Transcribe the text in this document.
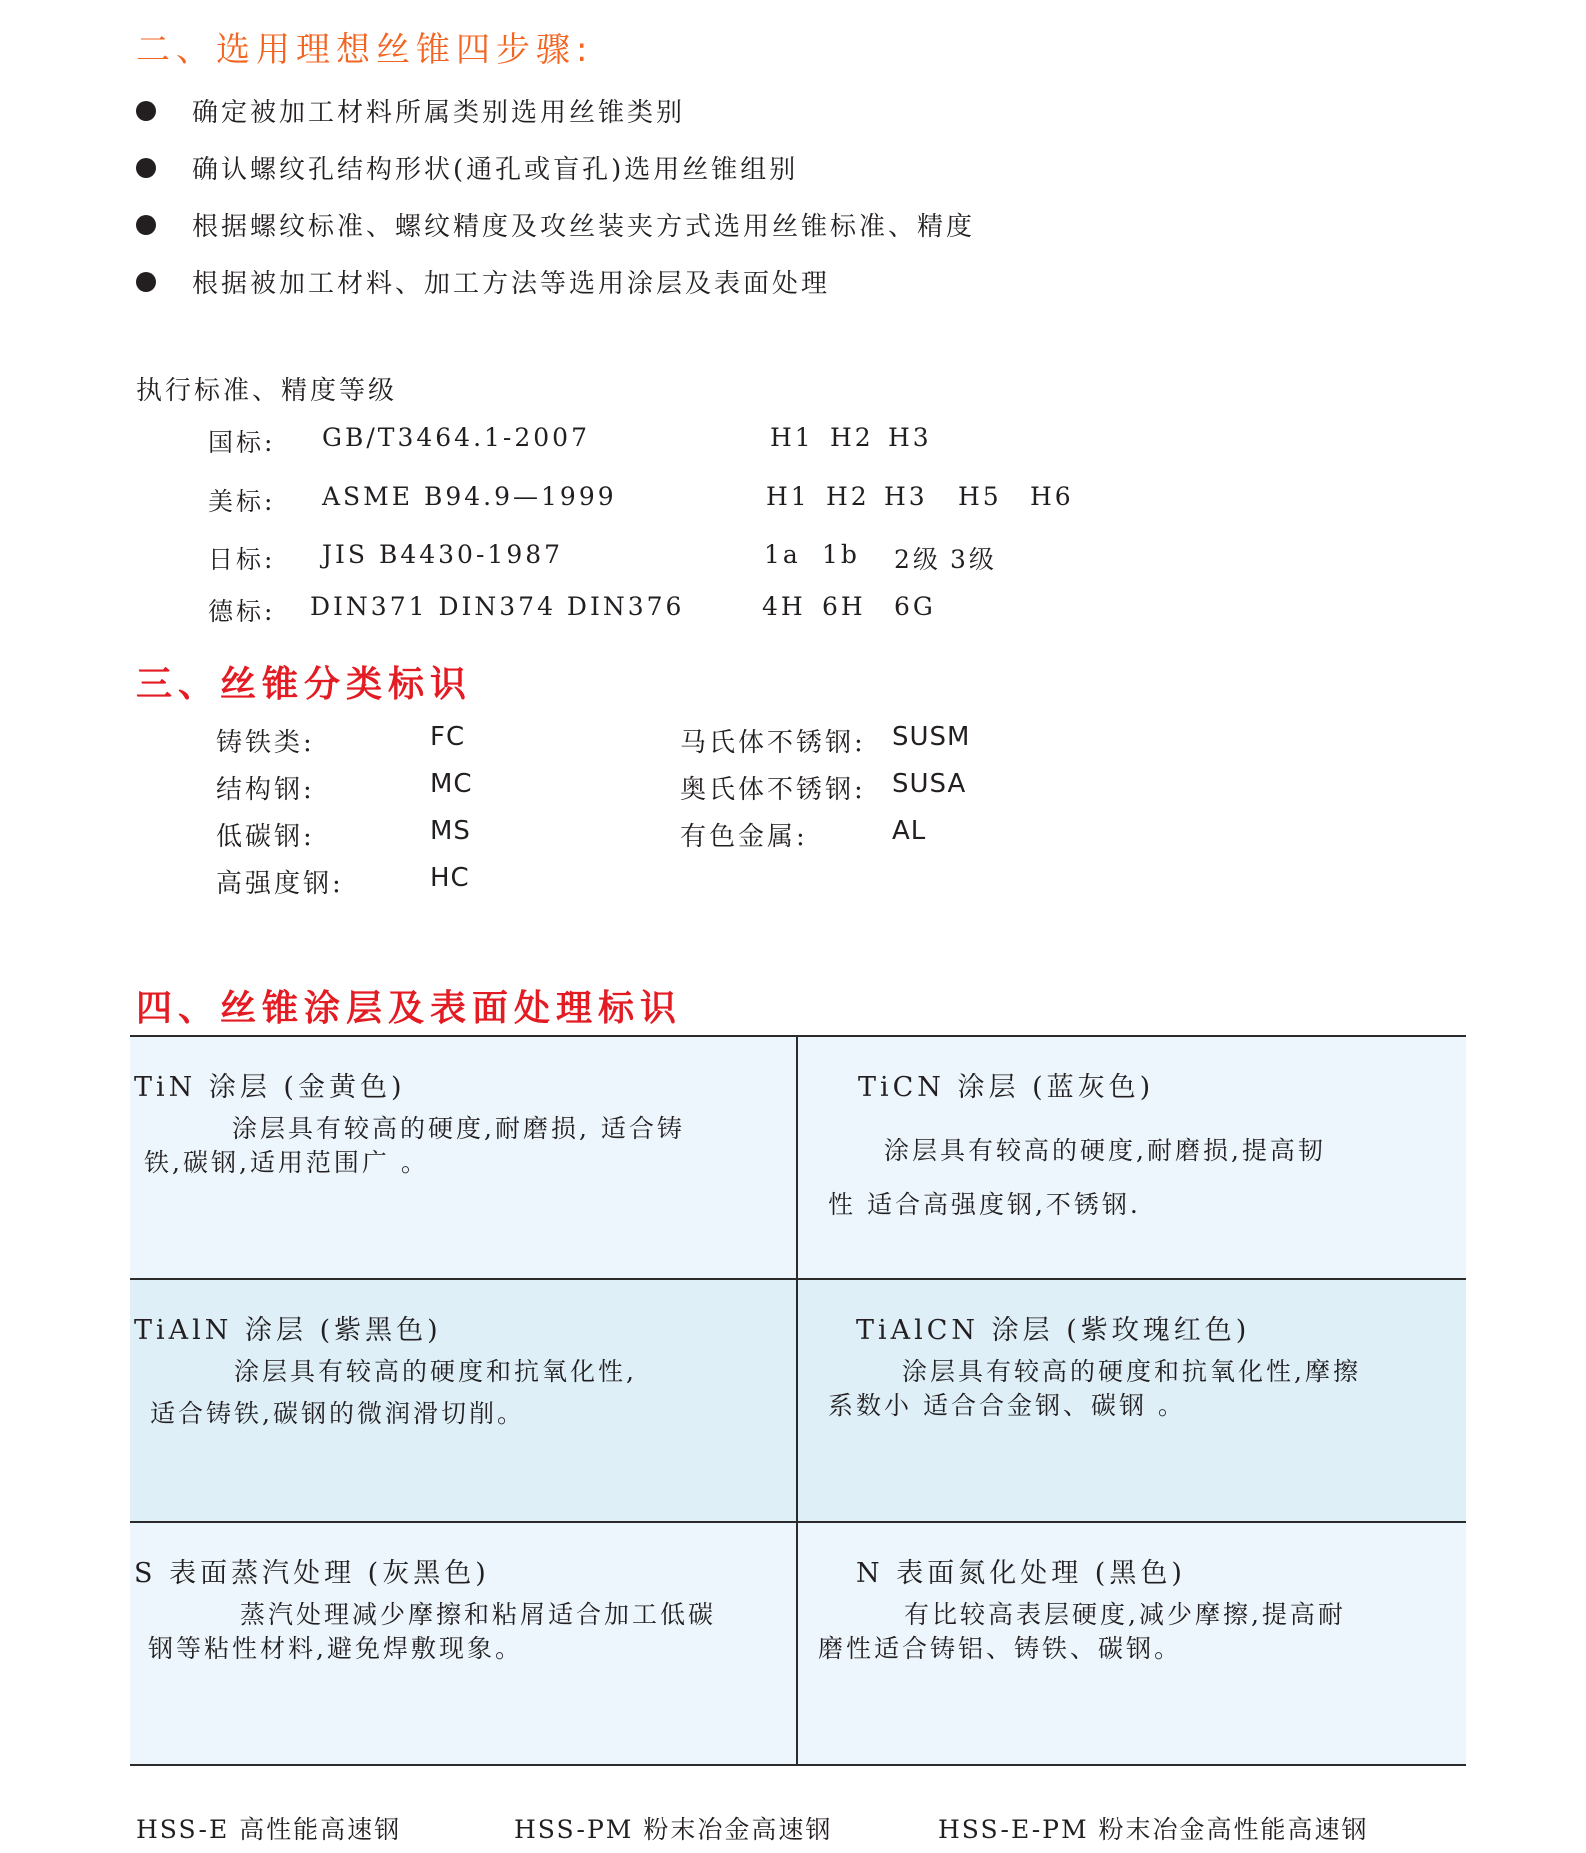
二、选用理想丝锥四步骤:
确定被加工材料所属类别选用丝锥类别
确认螺纹孔结构形状(通孔或盲孔)选用丝锥组别
根据螺纹标准、螺纹精度及攻丝装夹方式选用丝锥标准、精度
根据被加工材料、加工方法等选用涂层及表面处理
执行标准、精度等级
国标: GB/T3464.1-2007	H1 H2 H3
美标: ASME B94.9—1999	H1 H2 H3 H5 H6
日标: JIS B4430-1987	1a 1b 2级 3级
德标: DIN371 DIN374 DIN376	4H 6H 6G
三、丝锥分类标识
铸铁类:	FC
结构钢:	MC
低碳钢:	MS
高强度钢:	HC
马氏体不锈钢: SUSM
奥氏体不锈钢: SUSA
有色金属:	AL
四、丝锥涂层及表面处理标识
TiN 涂层 (金黄色)
涂层具有较高的硬度,耐磨损, 适合铸
铁,碳钢,适用范围广 。
TiCN 涂层 (蓝灰色)
涂层具有较高的硬度,耐磨损,提高韧
性 适合高强度钢,不锈钢.
TiAlN 涂层 (紫黑色)
涂层具有较高的硬度和抗氧化性,
适合铸铁,碳钢的微润滑切削。
TiAlCN 涂层 (紫玫瑰红色)
涂层具有较高的硬度和抗氧化性,摩擦
系数小 适合合金钢、碳钢 。
S 表面蒸汽处理 (灰黑色)
蒸汽处理减少摩擦和粘屑适合加工低碳
钢等粘性材料,避免焊敷现象。
N 表面氮化处理 (黑色)
有比较高表层硬度,减少摩擦,提高耐
磨性适合铸铝、铸铁、碳钢。
HSS-E 高性能高速钢	HSS-PM 粉末冶金高速钢	HSS-E-PM 粉末冶金高性能高速钢
